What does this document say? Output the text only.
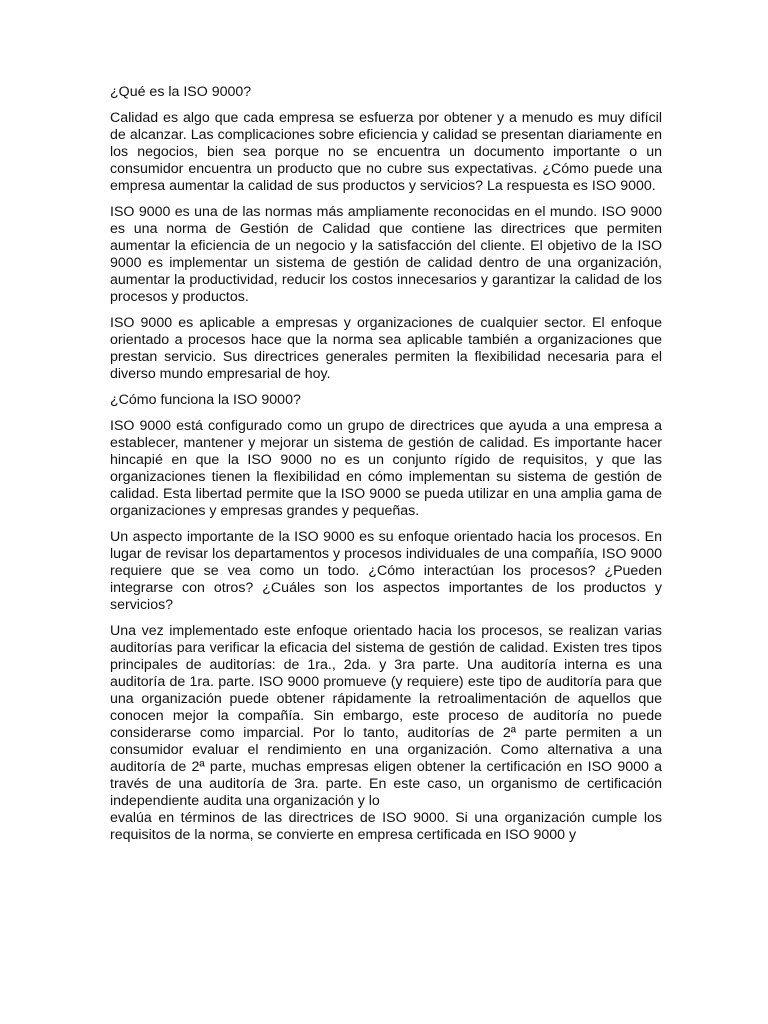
¿Qué es la ISO 9000?

Calidad es algo que cada empresa se esfuerza por obtener y a menudo es muy difícil de alcanzar. Las complicaciones sobre eficiencia y calidad se presentan diariamente en los negocios, bien sea porque no se encuentra un documento importante o un consumidor encuentra un producto que no cubre sus expectativas. ¿Cómo puede una empresa aumentar la calidad de sus productos y servicios? La respuesta es ISO 9000.

ISO 9000 es una de las normas más ampliamente reconocidas en el mundo. ISO 9000 es una norma de Gestión de Calidad que contiene las directrices que permiten aumentar la eficiencia de un negocio y la satisfacción del cliente. El objetivo de la ISO 9000 es implementar un sistema de gestión de calidad dentro de una organización, aumentar la productividad, reducir los costos innecesarios y garantizar la calidad de los procesos y productos.

ISO 9000 es aplicable a empresas y organizaciones de cualquier sector. El enfoque orientado a procesos hace que la norma sea aplicable también a organizaciones que prestan servicio. Sus directrices generales permiten la flexibilidad necesaria para el diverso mundo empresarial de hoy.

¿Cómo funciona la ISO 9000?

ISO 9000 está configurado como un grupo de directrices que ayuda a una empresa a establecer, mantener y mejorar un sistema de gestión de calidad. Es importante hacer hincapié en que la ISO 9000 no es un conjunto rígido de requisitos, y que las organizaciones tienen la flexibilidad en cómo implementan su sistema de gestión de calidad. Esta libertad permite que la ISO 9000 se pueda utilizar en una amplia gama de organizaciones y empresas grandes y pequeñas.

Un aspecto importante de la ISO 9000 es su enfoque orientado hacia los procesos. En lugar de revisar los departamentos y procesos individuales de una compañía, ISO 9000 requiere que se vea como un todo. ¿Cómo interactúan los procesos? ¿Pueden integrarse con otros? ¿Cuáles son los aspectos importantes de los productos y servicios?

Una vez implementado este enfoque orientado hacia los procesos, se realizan varias auditorías para verificar la eficacia del sistema de gestión de calidad. Existen tres tipos principales de auditorías: de 1ra., 2da. y 3ra parte. Una auditoría interna es una auditoría de 1ra. parte. ISO 9000 promueve (y requiere) este tipo de auditoría para que una organización puede obtener rápidamente la retroalimentación de aquellos que conocen mejor la compañía. Sin embargo, este proceso de auditoría no puede considerarse como imparcial. Por lo tanto, auditorías de 2ª parte permiten a un consumidor evaluar el rendimiento en una organización. Como alternativa a una auditoría de 2ª parte, muchas empresas eligen obtener la certificación en ISO 9000 a través de una auditoría de 3ra. parte. En este caso, un organismo de certificación independiente audita una organización y lo

evalúa en términos de las directrices de ISO 9000. Si una organización cumple los requisitos de la norma, se convierte en empresa certificada en ISO 9000 y
